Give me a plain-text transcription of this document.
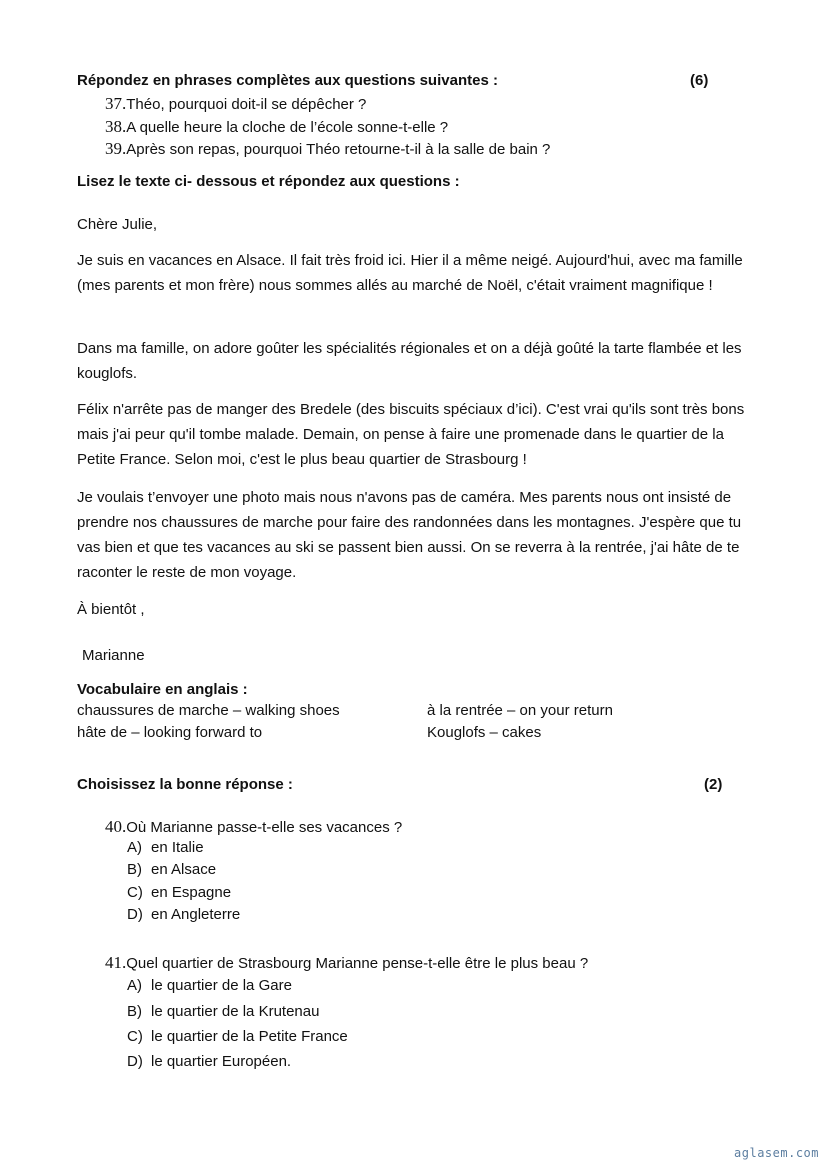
Répondez en phrases complètes aux questions suivantes :	(6)
37.Théo, pourquoi doit-il se dépêcher ?
38.A quelle heure la cloche de l’école sonne-t-elle ?
39.Après son repas, pourquoi Théo retourne-t-il à la salle de bain ?
Lisez le texte ci- dessous et répondez aux questions :
Chère Julie,
Je suis en vacances en Alsace. Il fait très froid ici. Hier il a même neigé. Aujourd'hui, avec ma famille (mes parents et mon frère) nous sommes allés au marché de Noël, c'était vraiment magnifique !
Dans ma famille, on adore goûter les spécialités régionales et on a déjà goûté la tarte flambée et les kouglofs.
Félix n'arrête pas de manger des Bredele (des biscuits spéciaux d’ici). C'est vrai qu'ils sont très bons mais j'ai peur qu'il tombe malade. Demain, on pense à faire une promenade dans le quartier de la Petite France. Selon moi, c'est le plus beau quartier de Strasbourg !
Je voulais t’envoyer une photo mais nous n'avons pas de caméra. Mes parents nous ont insisté de prendre nos chaussures de marche pour faire des randonnées dans les montagnes. J'espère que tu vas bien et que tes vacances au ski se passent bien aussi. On se reverra à la rentrée, j'ai hâte de te raconter le reste de mon voyage.
À bientôt ,
Marianne
Vocabulaire en anglais :
chaussures de marche – walking shoes	à la rentrée – on your return
hâte de – looking forward to	Kouglofs – cakes
Choisissez la bonne réponse :	(2)
40.Où Marianne passe-t-elle ses vacances ?
A) en Italie
B) en Alsace
C) en Espagne
D) en Angleterre
41.Quel quartier de Strasbourg Marianne pense-t-elle être le plus beau ?
A) le quartier de la Gare
B) le quartier de la Krutenau
C) le quartier de la Petite France
D) le quartier Européen.
aglasem.com
